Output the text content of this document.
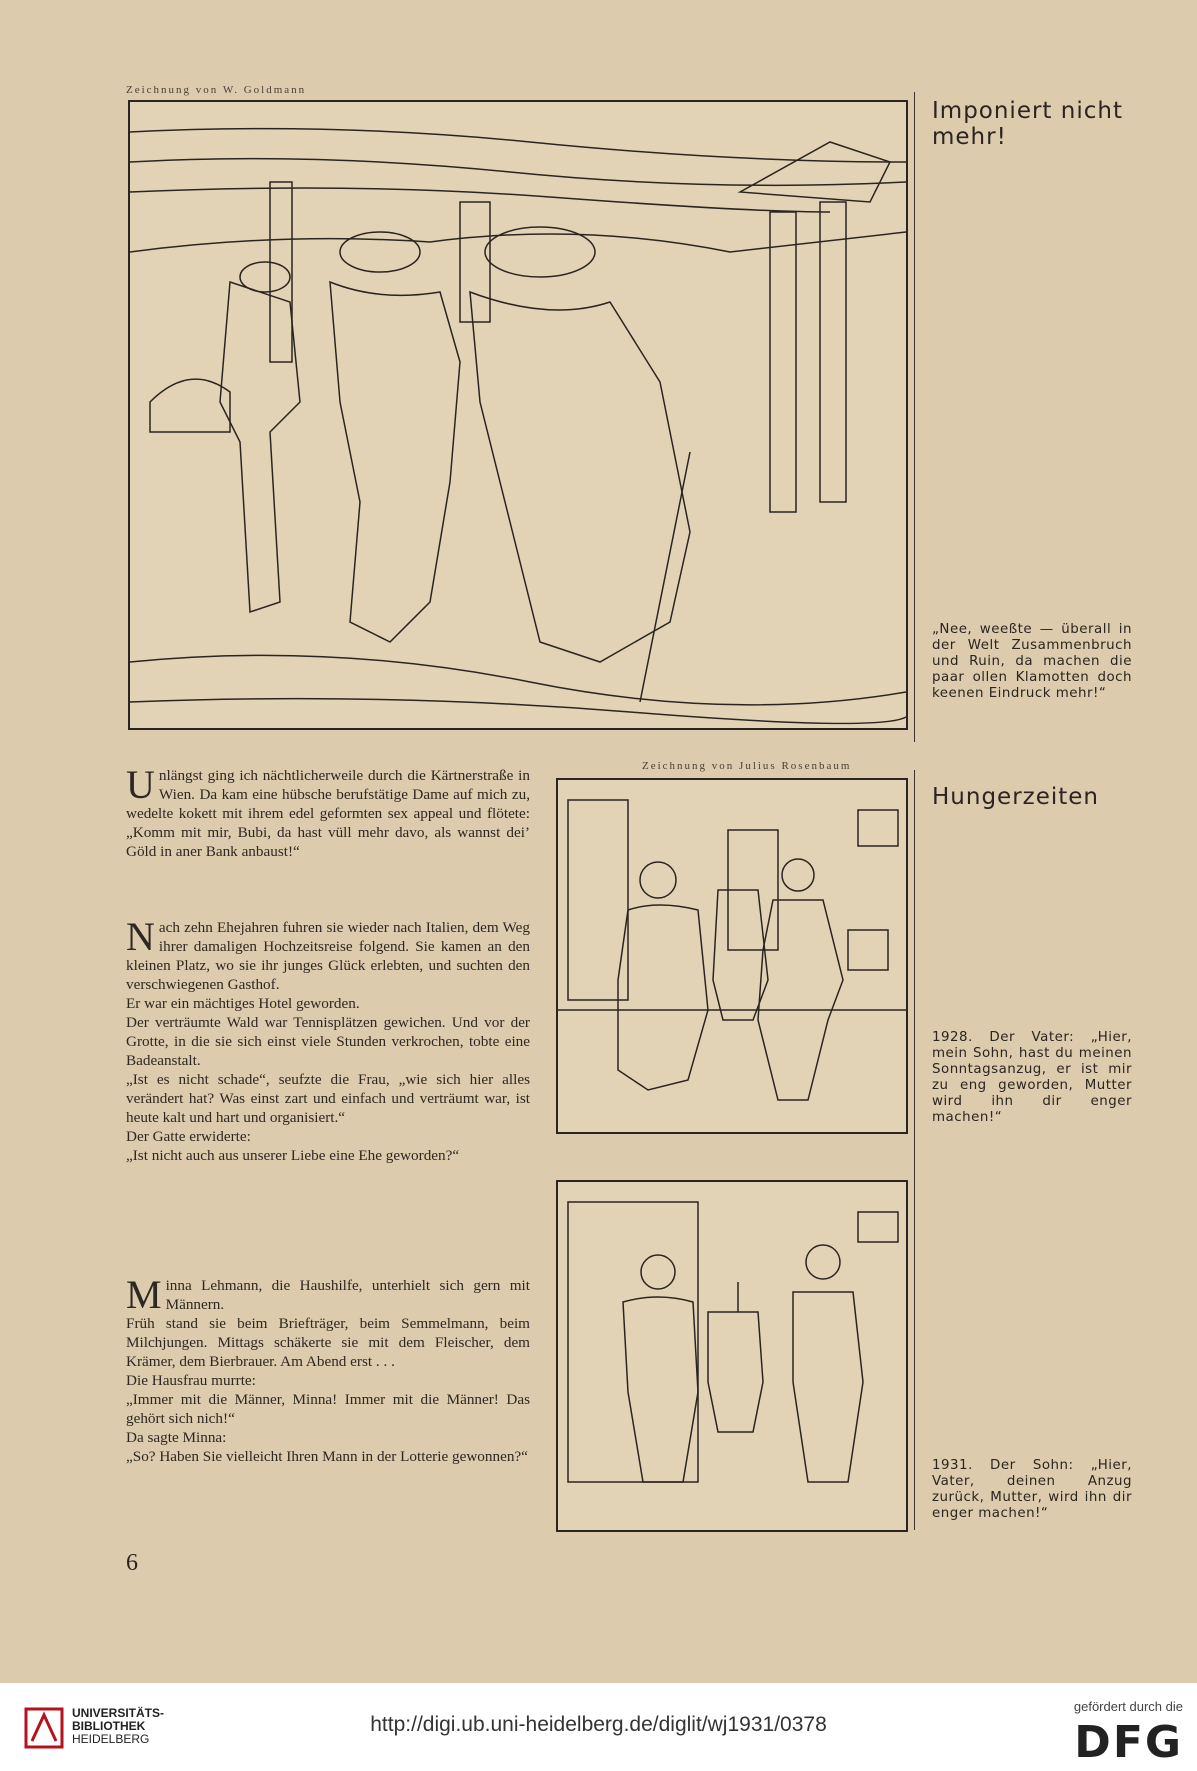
Zeichnung von W. Goldmann
Imponiert nicht mehr!
„Nee, weeßte — überall in der Welt Zusammenbruch und Ruin, da machen die paar ollen Klamotten doch keenen Eindruck mehr!“
Zeichnung von Julius Rosenbaum
Hungerzeiten
1928. Der Vater: „Hier, mein Sohn, hast du meinen Sonntagsanzug, er ist mir zu eng geworden, Mutter wird ihn dir enger machen!“
1931. Der Sohn: „Hier, Vater, deinen Anzug zurück, Mutter, wird ihn dir enger machen!“

Unlängst ging ich nächtlicherweile durch die Kärtnerstraße in Wien. Da kam eine hübsche berufstätige Dame auf mich zu, wedelte kokett mit ihrem edel geformten sex appeal und flötete: „Komm mit mir, Bubi, da hast vüll mehr davo, als wannst dei’ Göld in aner Bank anbaust!“

Nach zehn Ehejahren fuhren sie wieder nach Italien, dem Weg ihrer damaligen Hochzeitsreise folgend. Sie kamen an den kleinen Platz, wo sie ihr junges Glück erlebten, und suchten den verschwiegenen Gasthof.

Er war ein mächtiges Hotel geworden.

Der verträumte Wald war Tennisplätzen gewichen. Und vor der Grotte, in die sie sich einst viele Stunden verkrochen, tobte eine Badeanstalt.

„Ist es nicht schade“, seufzte die Frau, „wie sich hier alles verändert hat? Was einst zart und einfach und verträumt war, ist heute kalt und hart und organisiert.“

Der Gatte erwiderte:

„Ist nicht auch aus unserer Liebe eine Ehe geworden?“

Minna Lehmann, die Haushilfe, unterhielt sich gern mit Männern.

Früh stand sie beim Briefträger, beim Semmelmann, beim Milchjungen. Mittags schäkerte sie mit dem Fleischer, dem Krämer, dem Bierbrauer. Am Abend erst . . .

Die Hausfrau murrte:

„Immer mit die Männer, Minna! Immer mit die Männer! Das gehört sich nich!“

Da sagte Minna:

„So? Haben Sie vielleicht Ihren Mann in der Lotterie gewonnen?“

6
UNIVERSITÄTS-
BIBLIOTHEK
HEIDELBERG
http://digi.ub.uni-heidelberg.de/diglit/wj1931/0378
gefördert durch die
DFG
